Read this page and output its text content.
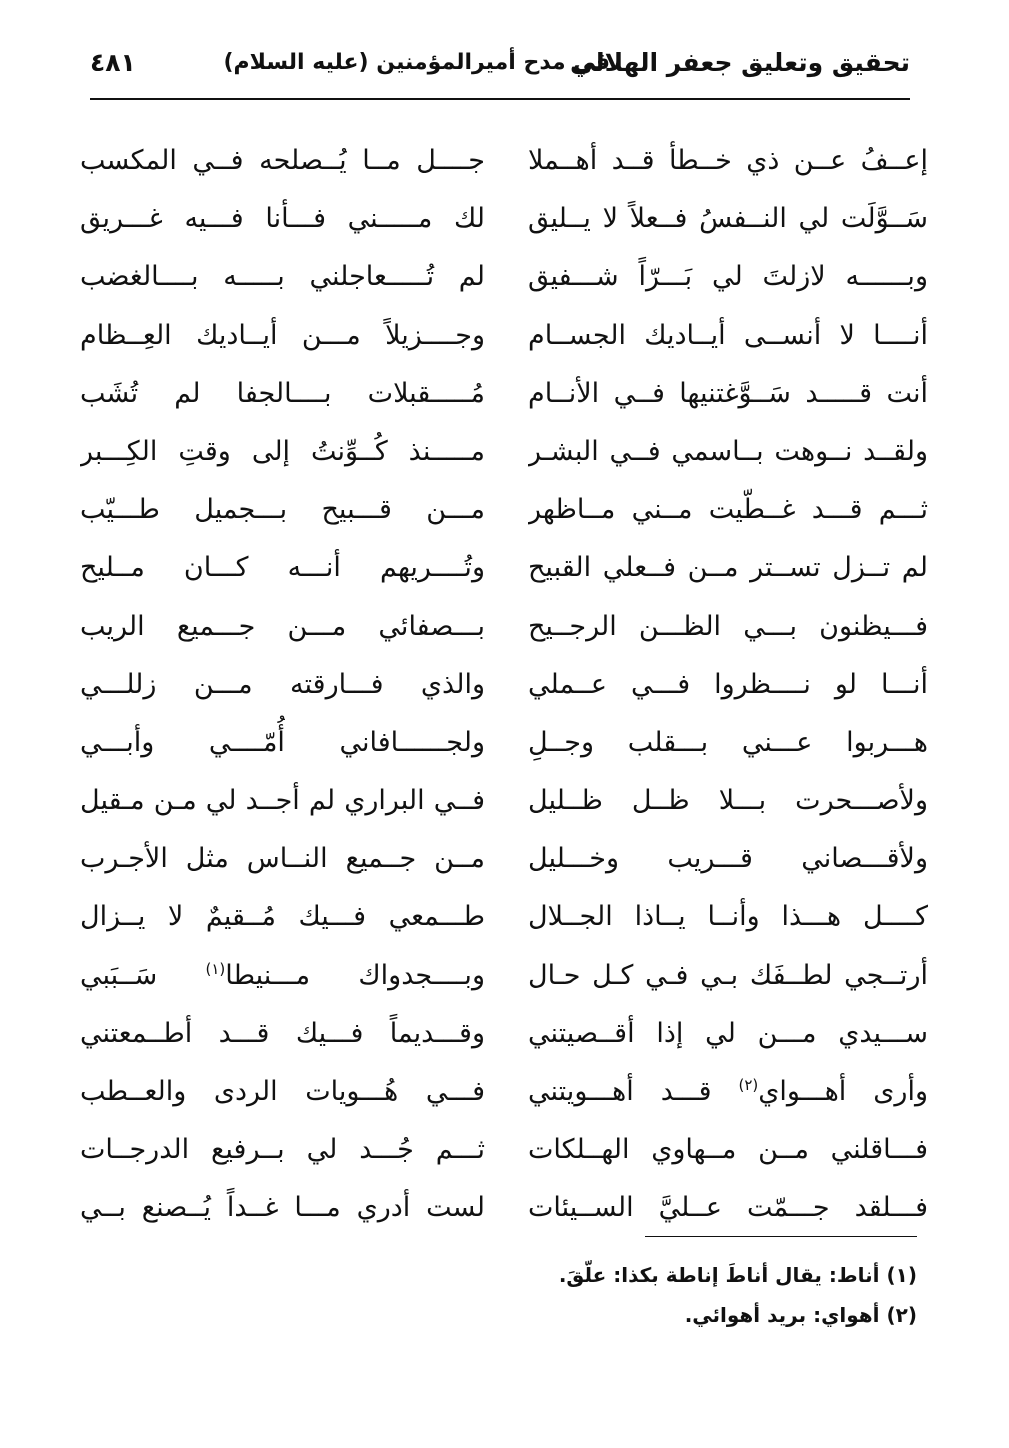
تحقيق وتعليق جعفر الهلالي
في مدح أميرالمؤمنين (عليه السلام)
٤٨١
إعــفُ عــن ذي خــطأ قــد أهــملا
جــــل مــا يُــصلحه فــي المكسب
سَــوَّلَت لي النــفسُ فــعلاً لا يــليق
لك مـــــني فـــأنا فـــيه غـــريق
وبــــــه لازلتَ لي بَـــرّاً شـــفيق
لم تُـــــعاجلني بـــــه بــــالغضب
أنــــا لا أنســى أيــاديك الجســام
وجــــزيلاً مـــن أيــاديك العِــظام
أنت قـــــد سَــوَّغتنيها فــي الأنــام
مُـــــقبلات بــــالجفا لم تُشَب
ولقــد نــوهت بــاسمي فــي البشـر
مـــــنذ كُــوِّنتُ إلى وقتِ الكِـــبر
ثـــم قـــد غــطّيت مــني مــاظهر
مـــن قـــبيح بـــجميل طـــيّب
لم تــزل تســتر مــن فــعلي القبيح
وتُــــريهم أنـــه كـــان مــليح
فـــيظنون بـــي الظـــن الرجــيح
بـــصفائي مـــن جـــميع الريب
أنـــا لو نــــظروا فـــي عــملي
والذي فـــارقته مـــن زللـــي
هـــربوا عـــني بـــقلب وجــلِ
ولجــــــافاني أُمّــــي وأبـــي
ولأصـــحرت بـــلا ظــل ظــليل
فــي البراري لم أجــد لي مـن مـقيل
ولأقـــصاني قـــريب وخـــليل
مــن جــميع النــاس مثل الأجـرب
كــــل هـــذا وأنــا يــاذا الجــلال
طـــمعي فـــيك مُــقيمٌ لا يــزال
أرتــجي لطــفَك بـي فـي كـل حـال
وبــــجدواك مـــنيطا$^{(١)}$ سَــبَبي
ســـيدي مـــن لي إذا أقــصيتني
وقـــديماً فـــيك قـــد أطــمعتني
وأرى أهـــواي$^{(٢)}$ قـــد أهـــويتني
فـــي هُـــويات الردى والعــطب
فـــاقلني مــن مــهاوي الهــلكات
ثـــم جُـــد لي بــرفيع الدرجــات
فـــلقد جـــمّت عــليَّ الســيئات
لست أدري مـــا غــداً يُــصنع بــي
(١) أناط: يقال أناطَ إناطة بكذا: علّقَ.
(٢) أهواي: بريد أهوائي.
